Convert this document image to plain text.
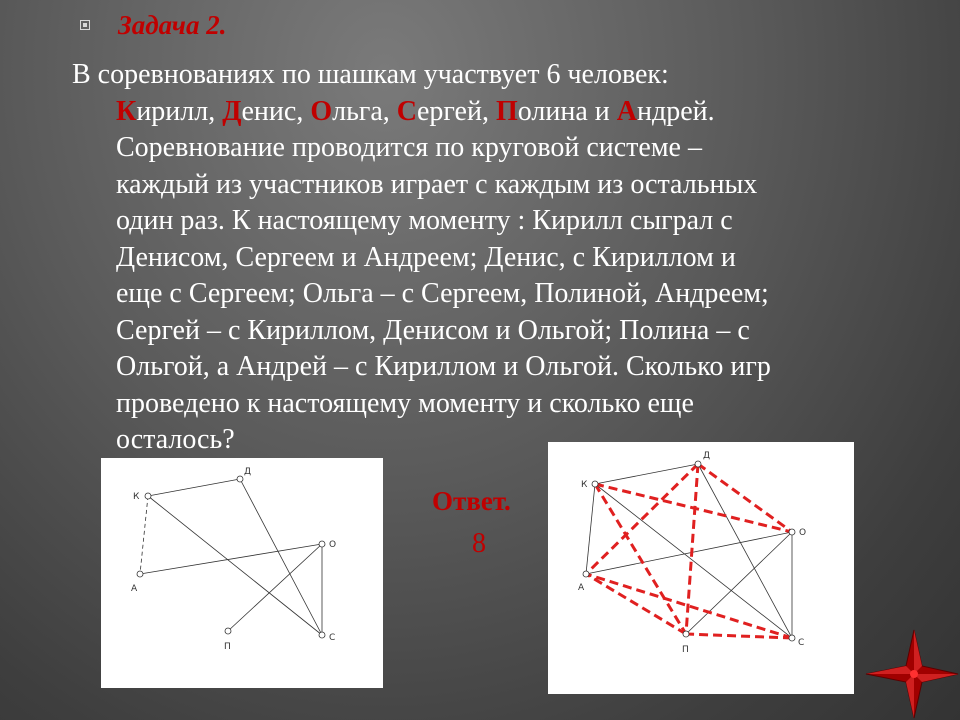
Задача 2.
В соревнованиях по шашкам участвует 6 человек:
Кирилл, Денис, Ольга, Сергей, Полина и Андрей.
Соревнование проводится по круговой системе –
каждый из участников играет с каждым из остальных
один раз. К настоящему моменту : Кирилл сыграл с
Денисом, Сергеем и Андреем; Денис, с Кириллом и
еще с Сергеем; Ольга – с Сергеем, Полиной, Андреем;
Сергей – с Кириллом, Денисом и Ольгой; Полина – с
Ольгой, а Андрей – с Кириллом и Ольгой. Сколько игр
проведено к настоящему моменту и сколько еще
осталось?
К
Д
О
С
П
А
Ответ.
8
К
Д
О
С
П
А
